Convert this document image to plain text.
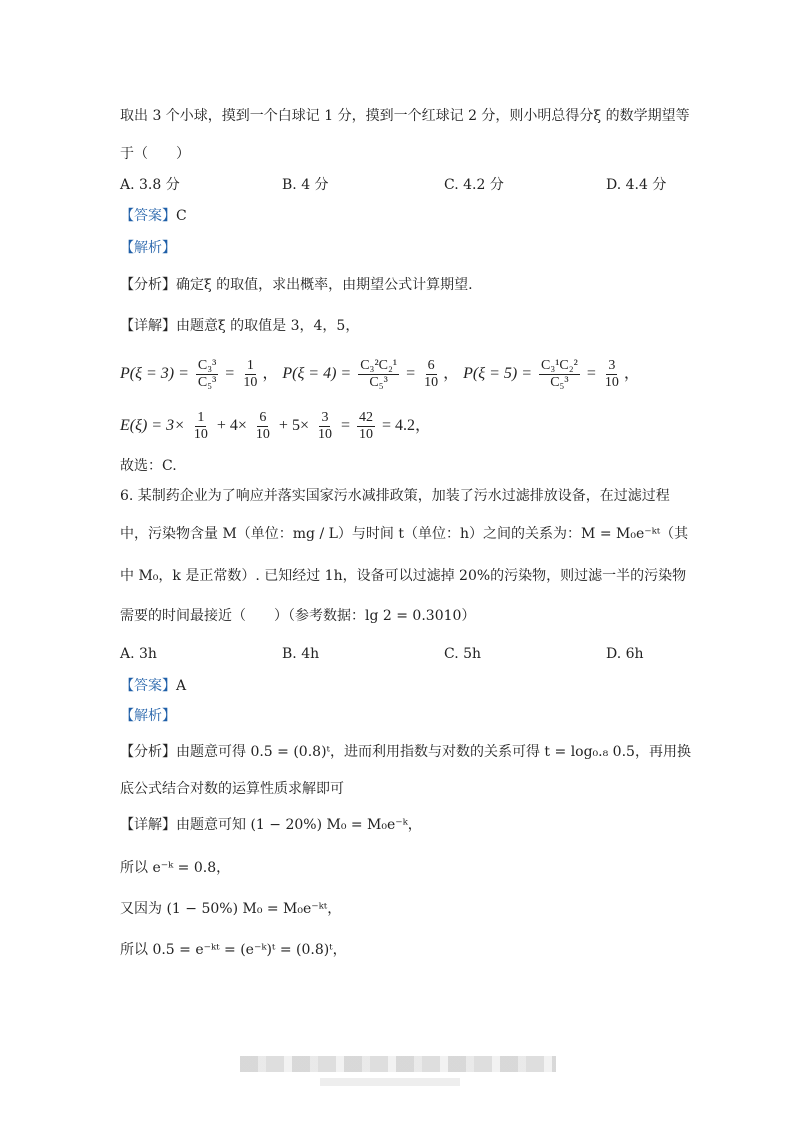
取出 3 个小球，摸到一个白球记 1 分，摸到一个红球记 2 分，则小明总得分ξ 的数学期望等
于（　　）
A. 3.8 分	B. 4 分	C. 4.2 分	D. 4.4 分
【答案】C
【解析】
【分析】确定ξ 的取值，求出概率，由期望公式计算期望.
【详解】由题意ξ 的取值是 3，4，5，
$P(\xi = 3) = \frac{\text{C₃³}}{\text{C₅³}} = \frac{1}{10}$ ， $P(\xi = 4) = \frac{\text{C₃²C₂¹}}{\text{C₅³}} = \frac{6}{10}$ ， $P(\xi = 5) = \frac{\text{C₃¹C₂²}}{\text{C₅³}} = \frac{3}{10}$ ，
$E(\xi) = 3\times \frac{1}{10} + 4\times \frac{6}{10} + 5\times \frac{3}{10} = \frac{42}{10} = 4.2$，
故选：C.
6. 某制药企业为了响应并落实国家污水减排政策，加装了污水过滤排放设备，在过滤过程
中，污染物含量 M（单位：mg / L）与时间 t（单位：h）之间的关系为：M = M₀e⁻ᵏᵗ（其
中 M₀，k 是正常数）. 已知经过 1h，设备可以过滤掉 20%的污染物，则过滤一半的污染物
需要的时间最接近（　　）（参考数据：lg 2 = 0.3010）
A. 3h	B. 4h	C. 5h	D. 6h
【答案】A
【解析】
【分析】由题意可得 0.5 = (0.8)ᵗ，进而利用指数与对数的关系可得 t = log₀.₈ 0.5，再用换
底公式结合对数的运算性质求解即可
【详解】由题意可知 (1 − 20%) M₀ = M₀e⁻ᵏ，
所以 e⁻ᵏ = 0.8，
又因为 (1 − 50%) M₀ = M₀e⁻ᵏᵗ，
所以 0.5 = e⁻ᵏᵗ = (e⁻ᵏ)ᵗ = (0.8)ᵗ，
